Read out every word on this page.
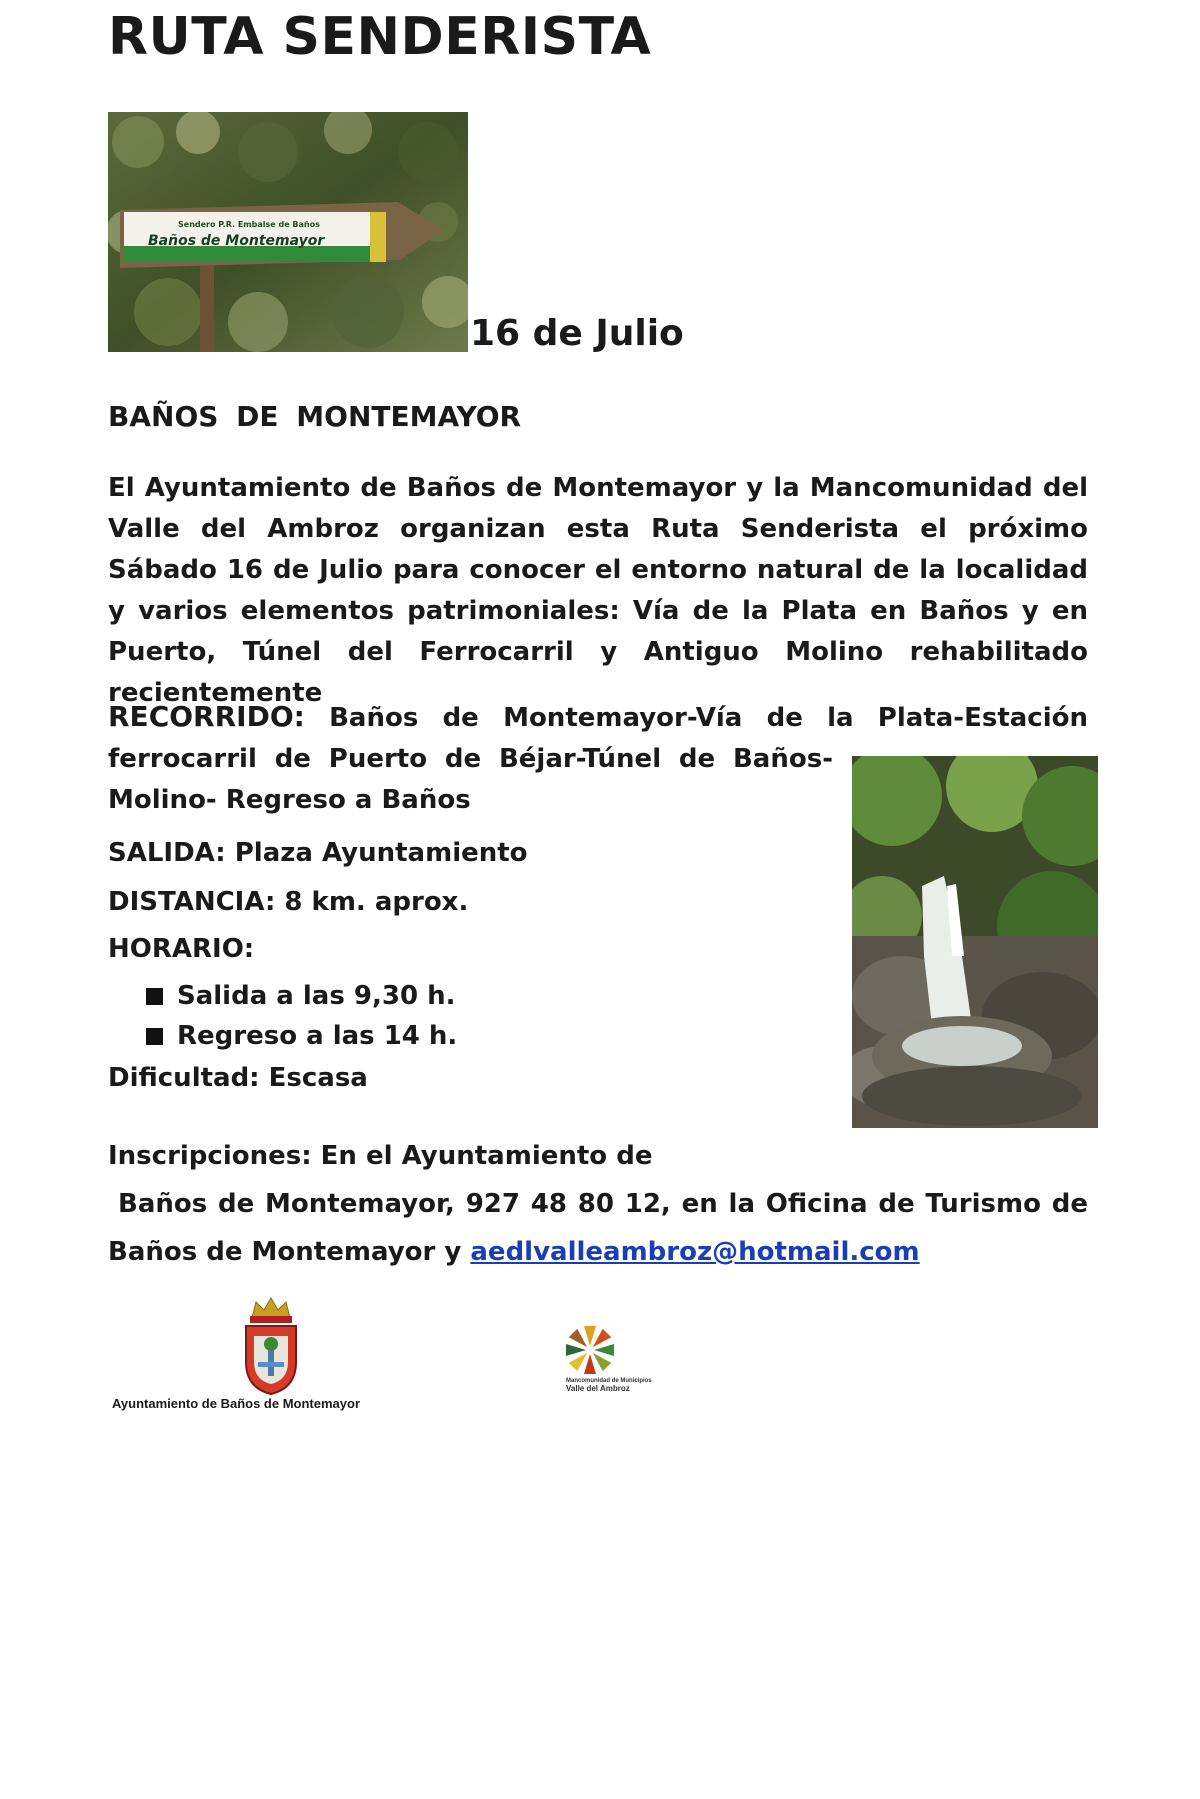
RUTA SENDERISTA
Sendero P.R. Embalse de Baños
Baños de Montemayor
16 de Julio
BAÑOS DE MONTEMAYOR
El Ayuntamiento de Baños de Montemayor y la Mancomunidad del Valle del Ambroz organizan esta Ruta Senderista el próximo Sábado 16 de Julio para conocer el entorno natural de la localidad y varios elementos patrimoniales: Vía de la Plata en Baños y en Puerto, Túnel del Ferrocarril y Antiguo Molino rehabilitado recientemente
RECORRIDO: Baños de Montemayor-Vía de la Plata-Estación
ferrocarril de Puerto de Béjar-Túnel de Baños-
Molino- Regreso a Baños
SALIDA: Plaza Ayuntamiento
DISTANCIA: 8 km. aprox.
HORARIO:
Salida a las 9,30 h.
Regreso a las 14 h.
Dificultad: Escasa
Inscripciones: En el Ayuntamiento de
Baños de Montemayor, 927 48 80 12, en la Oficina de Turismo de
Baños de Montemayor y aedlvalleambroz@hotmail.com
Ayuntamiento de Baños de Montemayor
Mancomunidad de Municipios
Valle del Ambroz
